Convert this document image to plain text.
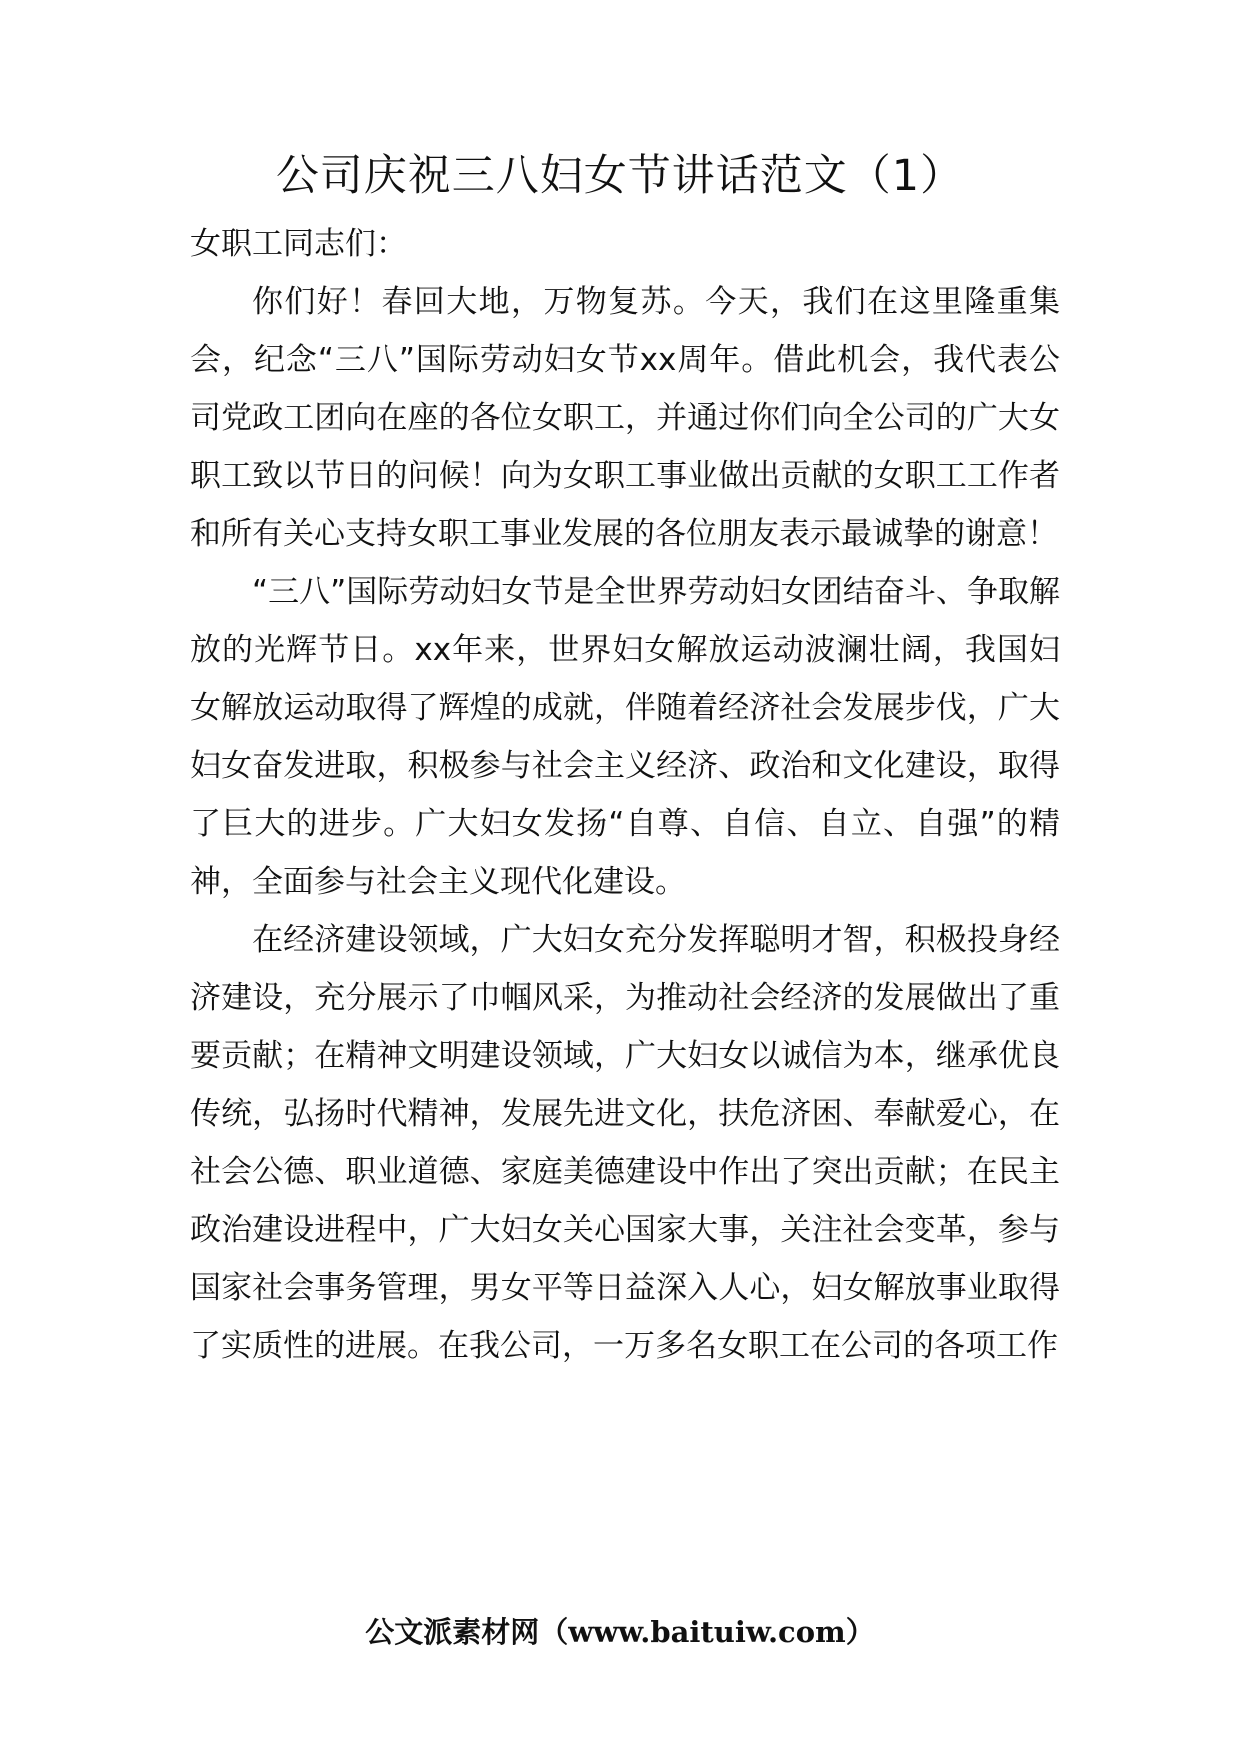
公司庆祝三八妇女节讲话范文（1）

女职工同志们：

你们好！春回大地，万物复苏。今天，我们在这里隆重集会，纪念“三八”国际劳动妇女节xx周年。借此机会，我代表公司党政工团向在座的各位女职工，并通过你们向全公司的广大女职工致以节日的问候！向为女职工事业做出贡献的女职工工作者和所有关心支持女职工事业发展的各位朋友表示最诚挚的谢意！

“三八”国际劳动妇女节是全世界劳动妇女团结奋斗、争取解放的光辉节日。xx年来，世界妇女解放运动波澜壮阔，我国妇女解放运动取得了辉煌的成就，伴随着经济社会发展步伐，广大妇女奋发进取，积极参与社会主义经济、政治和文化建设，取得了巨大的进步。广大妇女发扬“自尊、自信、自立、自强”的精神，全面参与社会主义现代化建设。

在经济建设领域，广大妇女充分发挥聪明才智，积极投身经济建设，充分展示了巾帼风采，为推动社会经济的发展做出了重要贡献；在精神文明建设领域，广大妇女以诚信为本，继承优良传统，弘扬时代精神，发展先进文化，扶危济困、奉献爱心，在社会公德、职业道德、家庭美德建设中作出了突出贡献；在民主政治建设进程中，广大妇女关心国家大事，关注社会变革，参与国家社会事务管理，男女平等日益深入人心，妇女解放事业取得了实质性的进展。在我公司，一万多名女职工在公司的各项工作

公文派素材网（www.baituiw.com）
